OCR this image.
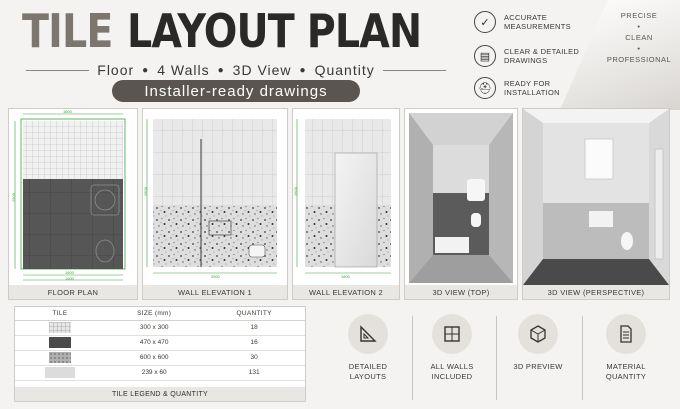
TILE LAYOUT PLAN
Floor ● 4 Walls ● 3D View ● Quantity
Installer-ready drawings
✓	ACCURATE
MEASUREMENTS
▤	CLEAR & DETAILED
DRAWINGS
⛑	READY FOR
INSTALLATION
PRECISE
•
CLEAN
•
PROFESSIONAL
1600
2500
1600
1600
FLOOR PLAN
2600
2500
WALL ELEVATION 1
2600
1600
WALL ELEVATION 2	3D VIEW (TOP)	3D VIEW (PERSPECTIVE)
TILE	SIZE (mm)	QUANTITY
	300 x 300	18
	470 x 470	16
	600 x 600	30
	239 x 60	131
TILE LEGEND & QUANTITY
DETAILED
LAYOUTS
ALL WALLS
INCLUDED
3D PREVIEW	MATERIAL
QUANTITY
